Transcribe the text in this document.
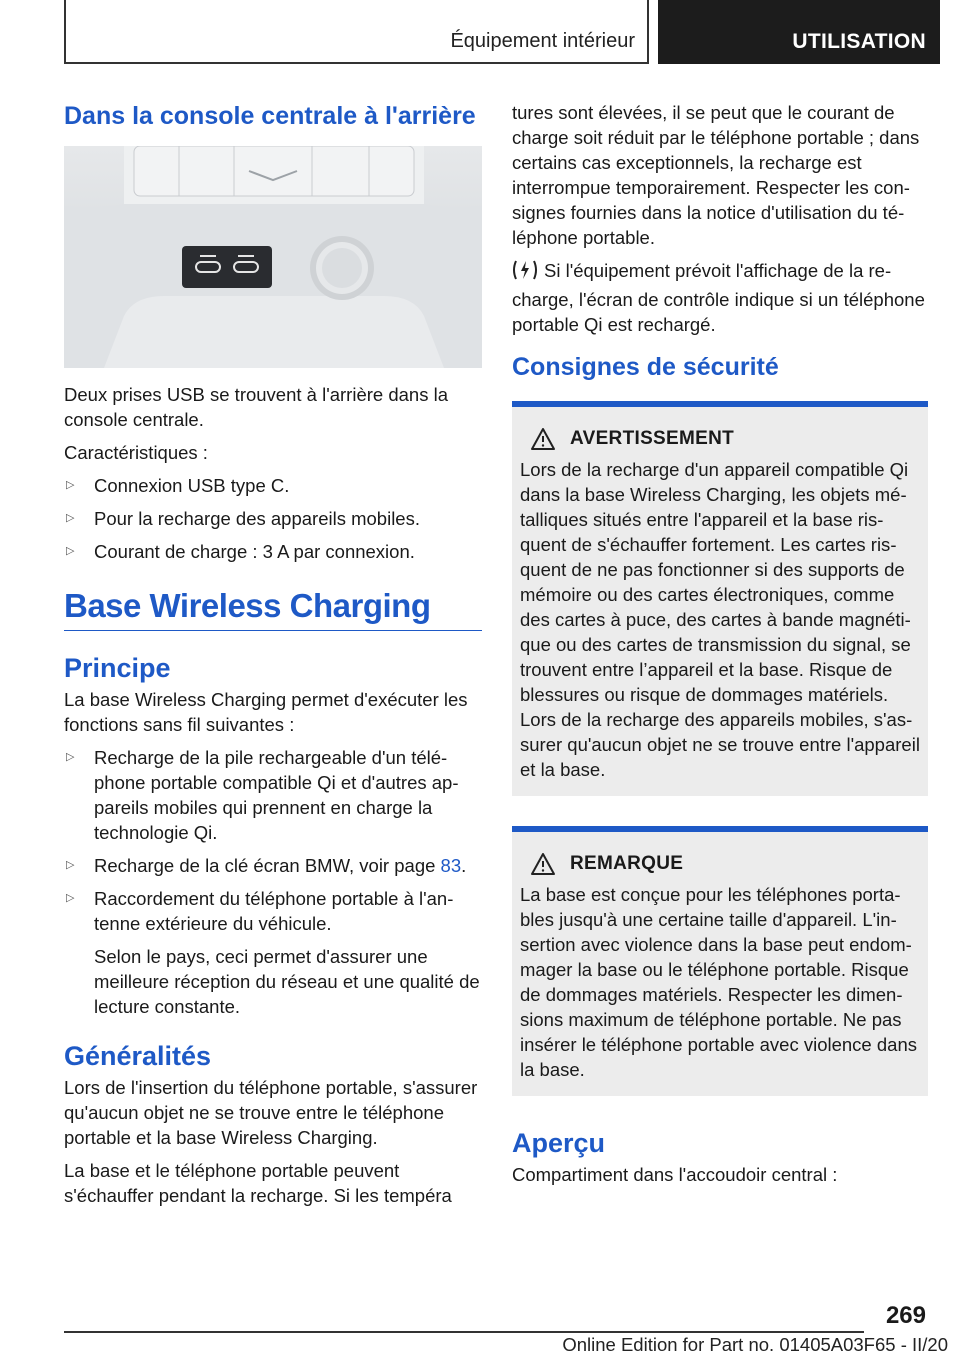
Équipement intérieur	UTILISATION
Dans la console centrale à l'arrière

Deux prises USB se trouvent à l'arrière dans la console centrale.

Caractéristiques :

▷ Connexion USB type C.
▷ Pour la recharge des appareils mobiles.
▷ Courant de charge : 3 A par connexion.
Base Wireless Charging
Principe

La base Wireless Charging permet d'exécuter les fonctions sans fil suivantes :

▷ Recharge de la pile rechargeable d'un téléphone portable compatible Qi et d'autres appareils mobiles qui prennent en charge la technologie Qi.
▷ Recharge de la clé écran BMW, voir page 83.
▷ Raccordement du téléphone portable à l'antenne extérieure du véhicule.
Selon le pays, ceci permet d'assurer une meilleure réception du réseau et une qualité de lecture constante.
Généralités

Lors de l'insertion du téléphone portable, s'assurer qu'aucun objet ne se trouve entre le téléphone portable et la base Wireless Charging.

La base et le téléphone portable peuvent s'échauffer pendant la recharge. Si les tempéra

tures sont élevées, il se peut que le courant de charge soit réduit par le téléphone portable ; dans certains cas exceptionnels, la recharge est interrompue temporairement. Respecter les consignes fournies dans la notice d'utilisation du téléphone portable.

Si l'équipement prévoit l'affichage de la recharge, l'écran de contrôle indique si un téléphone portable Qi est rechargé.

Consignes de sécurité
AVERTISSEMENT

Lors de la recharge d'un appareil compatible Qi dans la base Wireless Charging, les objets métalliques situés entre l'appareil et la base risquent de s'échauffer fortement. Les cartes risquent de ne pas fonctionner si des supports de mémoire ou des cartes électroniques, comme des cartes à puce, des cartes à bande magnétique ou des cartes de transmission du signal, se trouvent entre l’appareil et la base. Risque de blessures ou risque de dommages matériels. Lors de la recharge des appareils mobiles, s'assurer qu'aucun objet ne se trouve entre l'appareil et la base.

REMARQUE

La base est conçue pour les téléphones portables jusqu'à une certaine taille d'appareil. L'insertion avec violence dans la base peut endommager la base ou le téléphone portable. Risque de dommages matériels. Respecter les dimensions maximum de téléphone portable. Ne pas insérer le téléphone portable avec violence dans la base.

Aperçu

Compartiment dans l'accoudoir central :

269
Online Edition for Part no. 01405A03F65 - II/20
